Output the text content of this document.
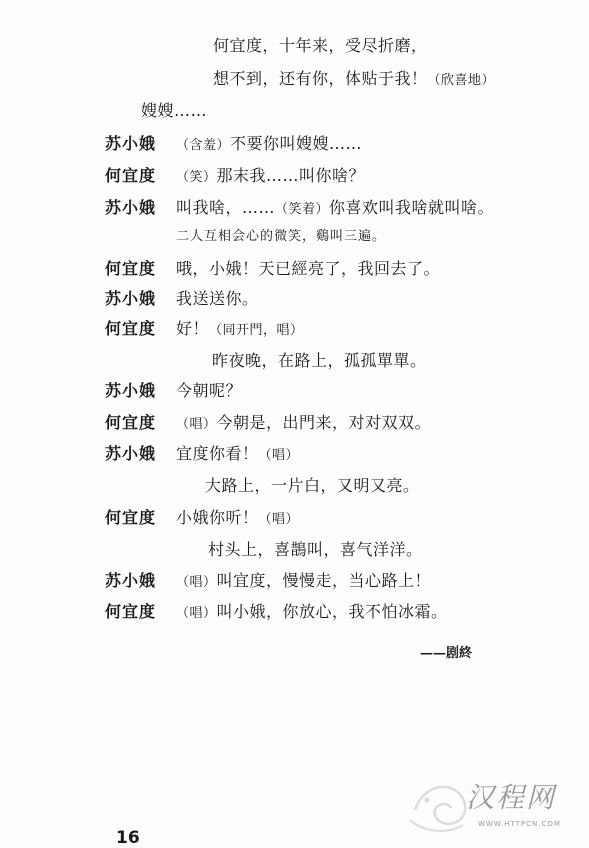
何宜度，十年来，受尽折磨，
想不到，还有你，体贴于我！（欣喜地）
嫂嫂……
苏小娥 （含羞）不要你叫嫂嫂……
何宜度 （笑）那末我……叫你啥？
苏小娥 叫我啥，……（笑着）你喜欢叫我啥就叫啥。
二人互相会心的微笑，鷄叫三遍。
何宜度 哦，小娥！天已經亮了，我回去了。
苏小娥 我送送你。
何宜度 好！（同开門，唱）
昨夜晚，在路上，孤孤單單。
苏小娥 今朝呢？
何宜度 （唱）今朝是，出門来，对对双双。
苏小娥 宜度你看！（唱）
大路上，一片白，又明又亮。
何宜度 小娥你听！（唱）
村头上，喜鵲叫，喜气洋洋。
苏小娥 （唱）叫宜度，慢慢走，当心路上！
何宜度 （唱）叫小娥，你放心，我不怕冰霜。
——剧終
16
汉程网
WWW.HTTPCN.COM
